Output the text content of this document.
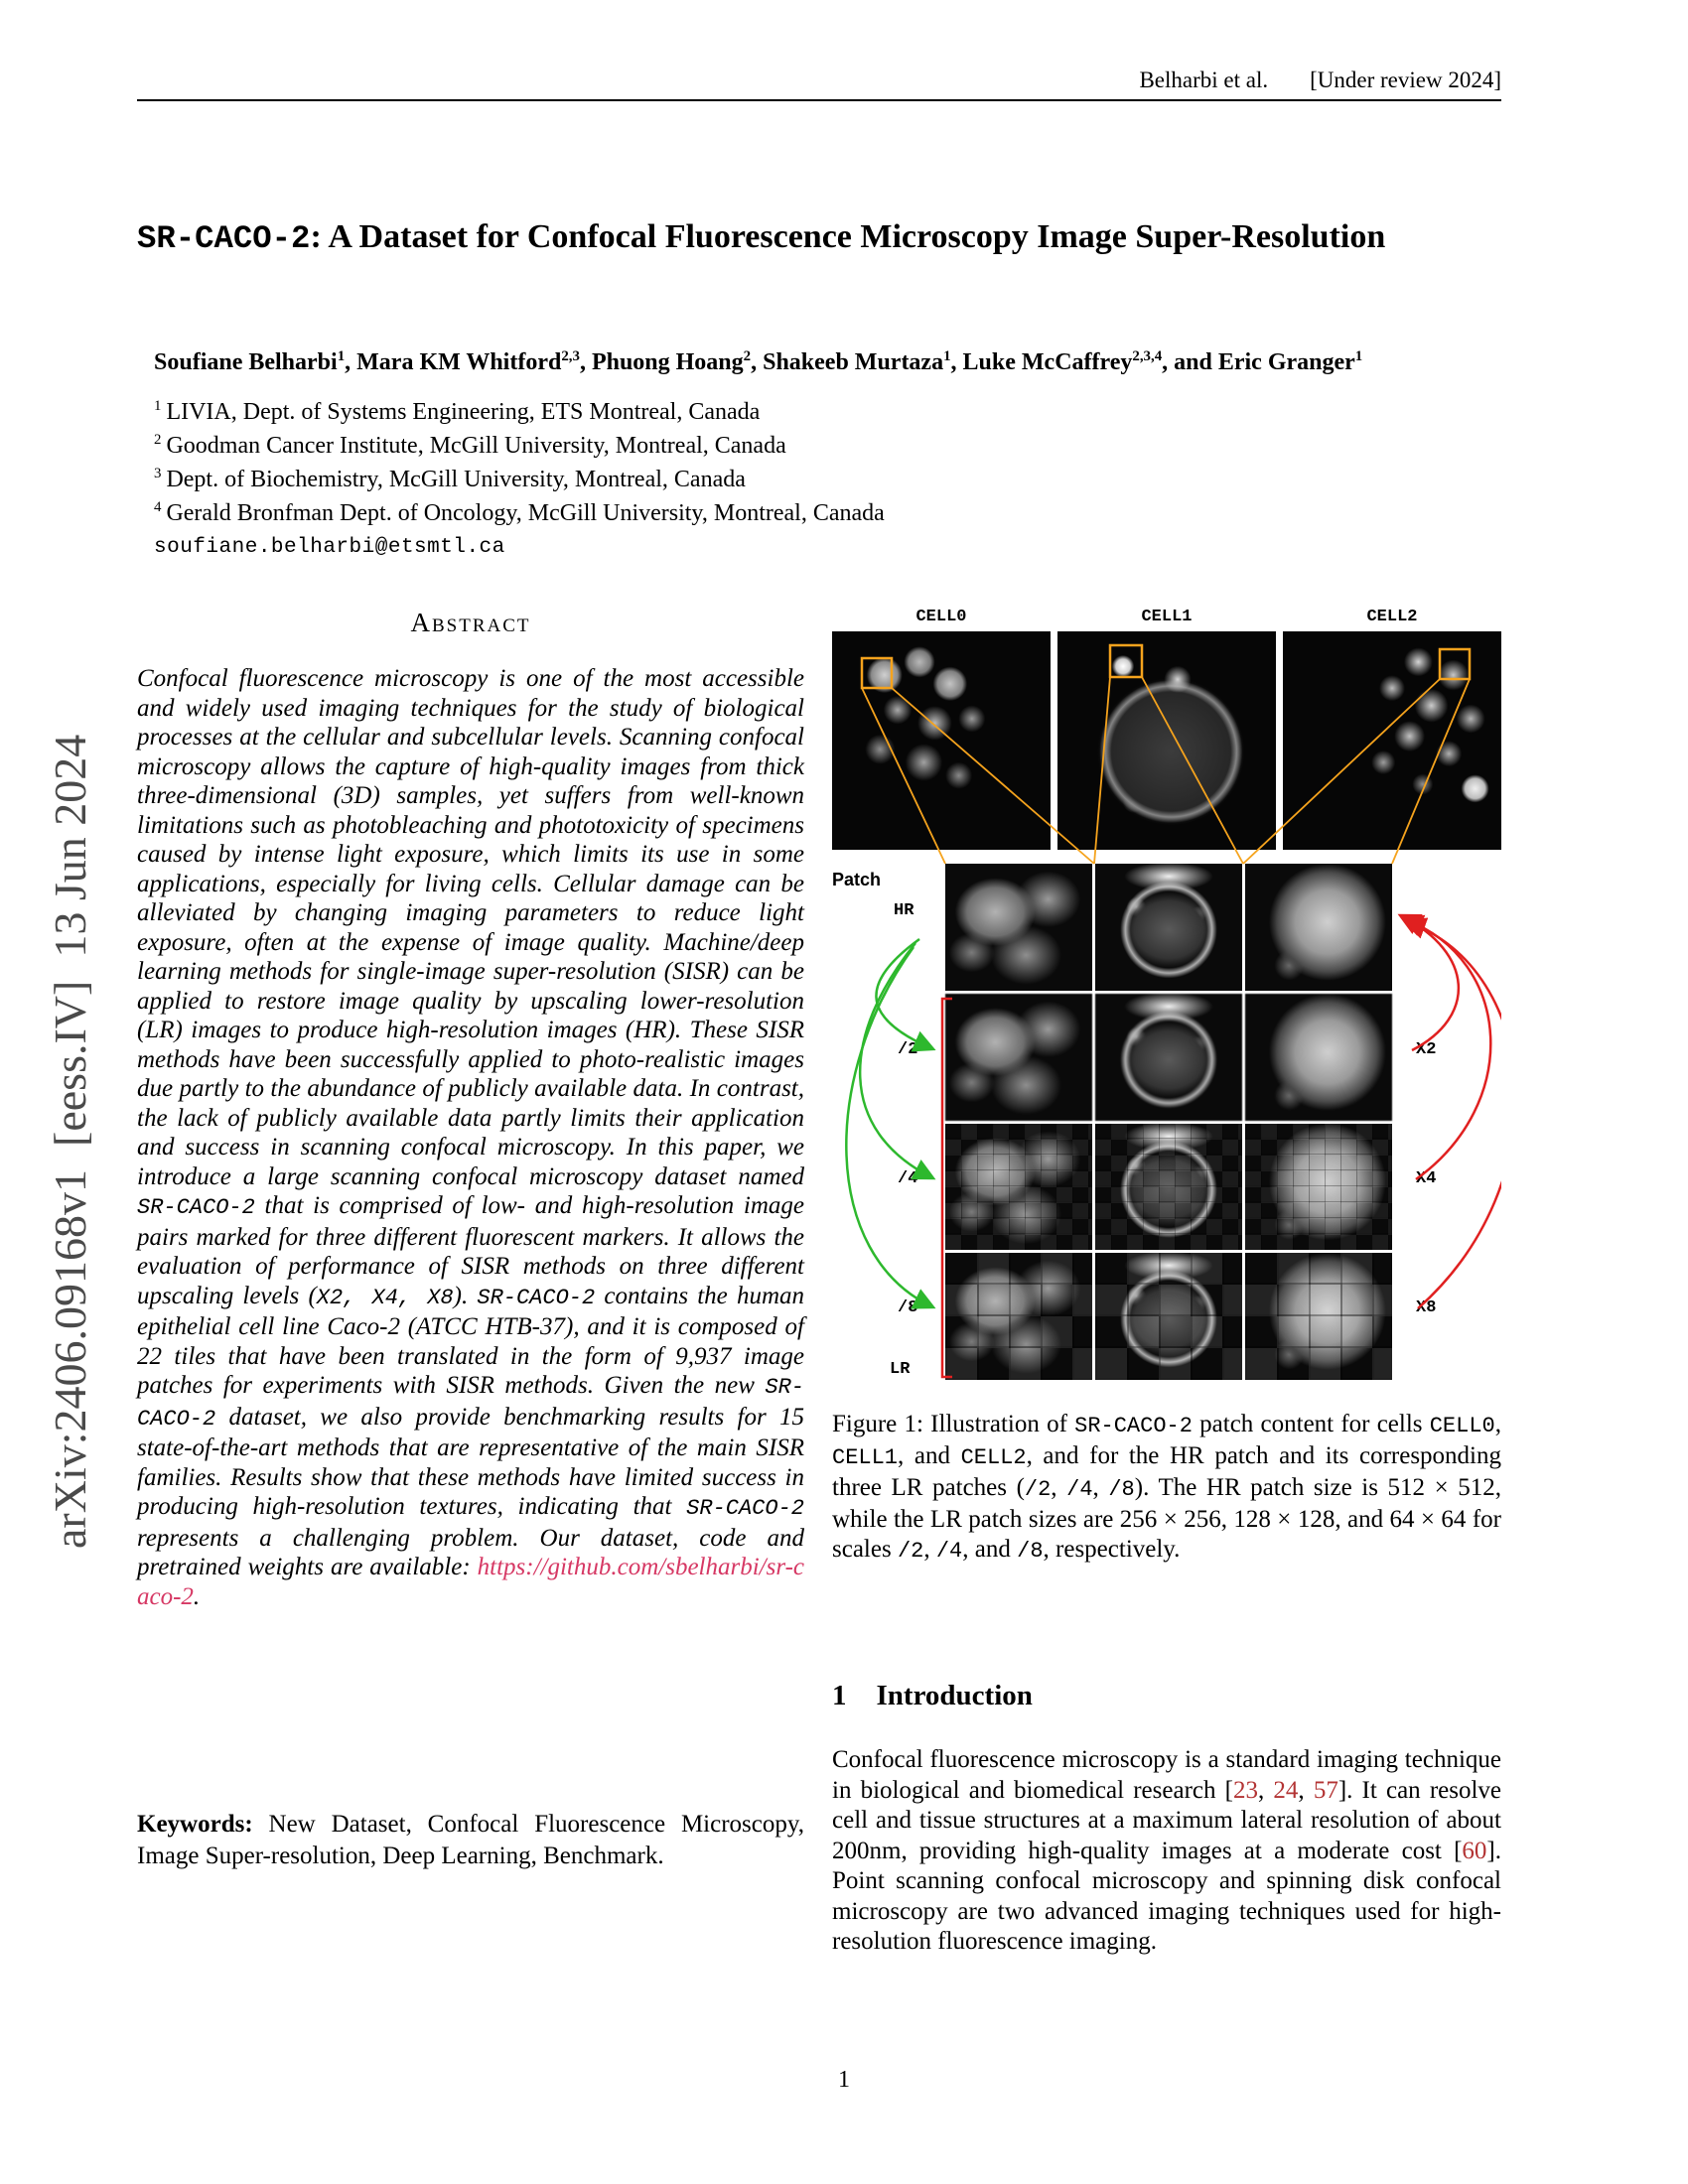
Belharbi et al. [Under review 2024]
SR-CACO-2: A Dataset for Confocal Fluorescence Microscopy Image Super-Resolution
Soufiane Belharbi$^1$, Mara KM Whitford$^{2,3}$, Phuong Hoang$^2$, Shakeeb Murtaza$^1$, Luke McCaffrey$^{2,3,4}$, and Eric Granger$^1$
$^1$ LIVIA, Dept. of Systems Engineering, ETS Montreal, Canada
$^2$ Goodman Cancer Institute, McGill University, Montreal, Canada
$^3$ Dept. of Biochemistry, McGill University, Montreal, Canada
$^4$ Gerald Bronfman Dept. of Oncology, McGill University, Montreal, Canada
soufiane.belharbi@etsmtl.ca
arXiv:2406.09168v1  [eess.IV]  13 Jun 2024
Abstract

Confocal fluorescence microscopy is one of the most accessible and widely used imaging techniques for the study of biological processes at the cellular and subcellular levels. Scanning confocal microscopy allows the capture of high-quality images from thick three-dimensional (3D) samples, yet suffers from well-known limitations such as photobleaching and phototoxicity of specimens caused by intense light exposure, which limits its use in some applications, especially for living cells. Cellular damage can be alleviated by changing imaging parameters to reduce light exposure, often at the expense of image quality. Machine/deep learning methods for single-image super-resolution (SISR) can be applied to restore image quality by upscaling lower-resolution (LR) images to produce high-resolution images (HR). These SISR methods have been successfully applied to photo-realistic images due partly to the abundance of publicly available data. In contrast, the lack of publicly available data partly limits their application and success in scanning confocal microscopy. In this paper, we introduce a large scanning confocal microscopy dataset named SR-CACO-2 that is comprised of low- and high-resolution image pairs marked for three different fluorescent markers. It allows the evaluation of performance of SISR methods on three different upscaling levels (X2, X4, X8). SR-CACO-2 contains the human epithelial cell line Caco-2 (ATCC HTB-37), and it is composed of 22 tiles that have been translated in the form of 9,937 image patches for experiments with SISR methods. Given the new SR-CACO-2 dataset, we also provide benchmarking results for 15 state-of-the-art methods that are representative of the main SISR families. Results show that these methods have limited success in producing high-resolution textures, indicating that SR-CACO-2 represents a challenging problem. Our dataset, code and pretrained weights are available: https://github.com/sbelharbi/sr-caco-2.

Keywords: New Dataset, Confocal Fluorescence Microscopy, Image Super-resolution, Deep Learning, Benchmark.

CELL0	CELL1	CELL2
Patch
HR
/2
/4
/8
LR
X2
X4
X8

Figure 1: Illustration of SR-CACO-2 patch content for cells CELL0, CELL1, and CELL2, and for the HR patch and its corresponding three LR patches (/2, /4, /8). The HR patch size is 512 × 512, while the LR patch sizes are 256 × 256, 128 × 128, and 64 × 64 for scales /2, /4, and /8, respectively.

1 Introduction

Confocal fluorescence microscopy is a standard imaging technique in biological and biomedical research [23, 24, 57]. It can resolve cell and tissue structures at a maximum lateral resolution of about 200nm, providing high-quality images at a moderate cost [60]. Point scanning confocal microscopy and spinning disk confocal microscopy are two advanced imaging techniques used for high-resolution fluorescence imaging.

1
